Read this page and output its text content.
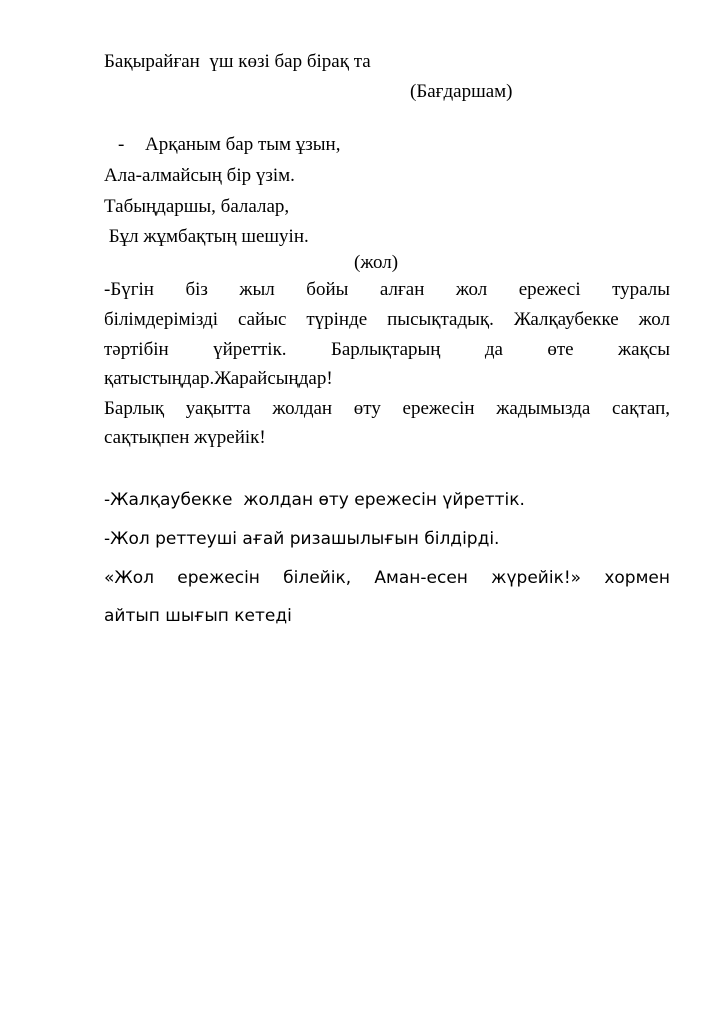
Бақырайған  үш көзі бар бірақ та
(Бағдаршам)
- Арқаным бар тым ұзын,
Ала-алмайсың бір үзім.
Табыңдаршы, балалар,
Бұл жұмбақтың шешуін.
(жол)
-Бүгін біз жыл бойы алған жол ережесі туралы
білімдерімізді сайыс түрінде пысықтадық. Жалқаубекке жол
тәртібін үйреттік. Барлықтарың да өте жақсы
қатыстыңдар.Жарайсыңдар!
Барлық уақытта жолдан өту ережесін жадымызда сақтап,
сақтықпен жүрейік!
-Жалқаубекке  жолдан өту ережесін үйреттік.
-Жол реттеуші ағай ризашылығын білдірді.
«Жол ережесін білейік, Аман-есен жүрейік!» хормен
айтып шығып кетеді
